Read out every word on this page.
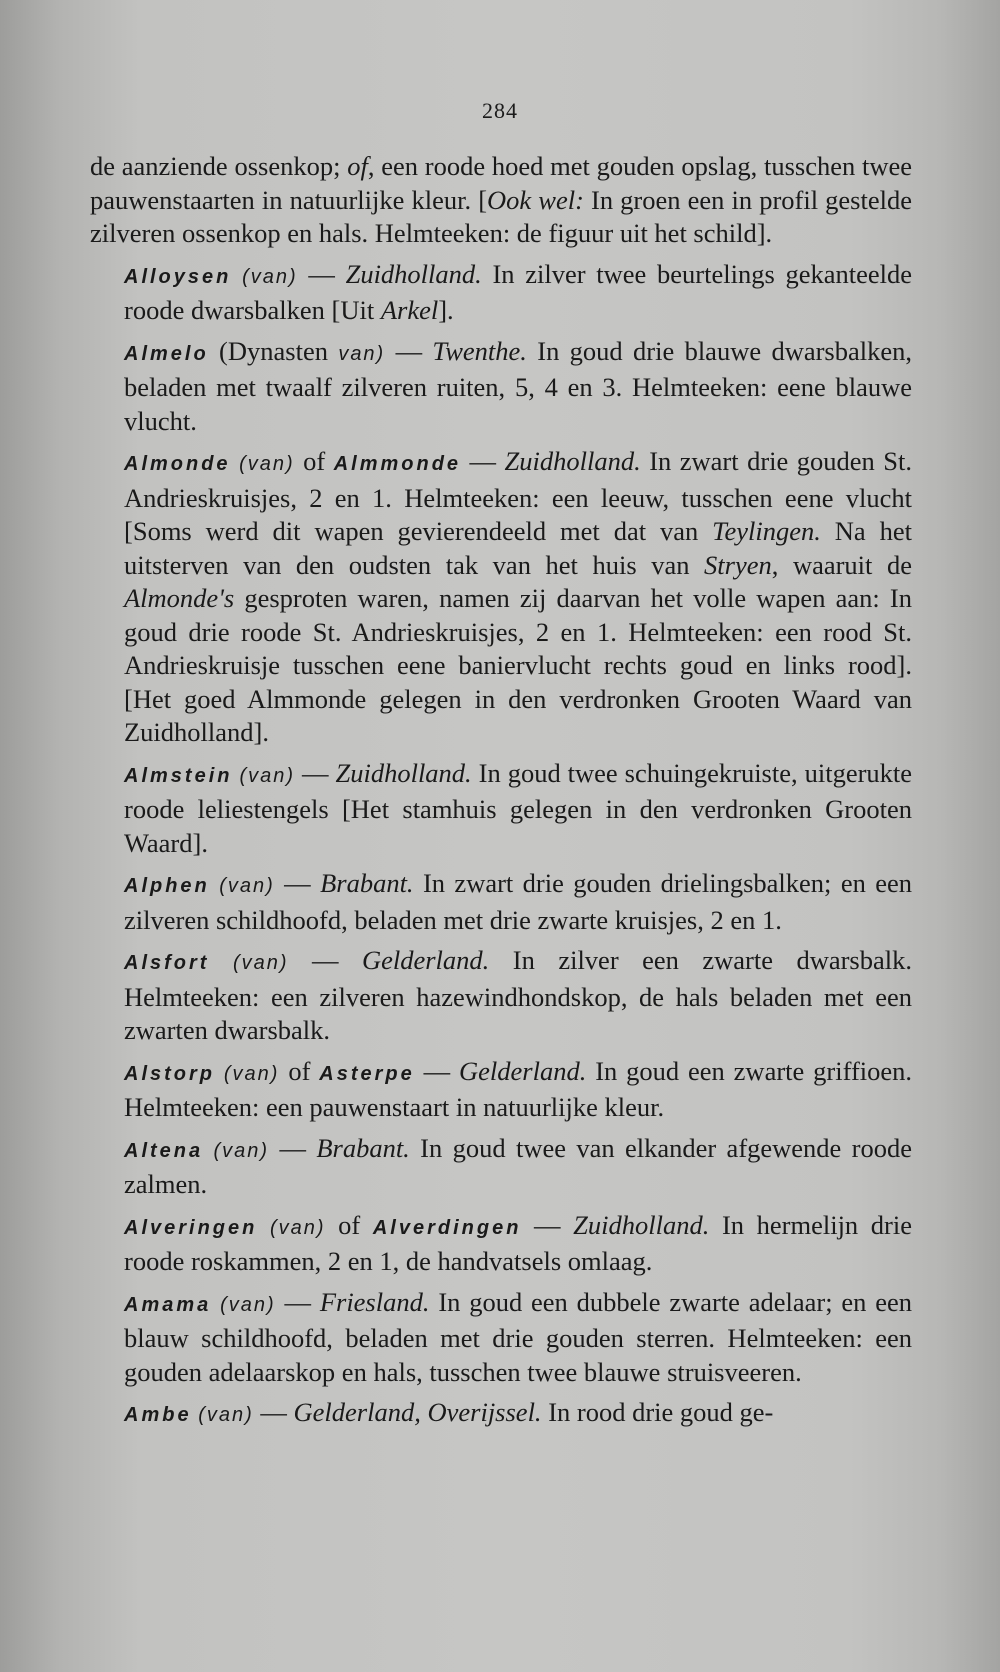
284

de aanziende ossenkop; of, een roode hoed met gouden opslag, tusschen twee pauwenstaarten in natuurlijke kleur. [Ook wel: In groen een in profil gestelde zilveren ossenkop en hals. Helmteeken: de figuur uit het schild].

Alloysen (van) — Zuidholland. In zilver twee beurtelings gekanteelde roode dwarsbalken [Uit Arkel].

Almelo (Dynasten van) — Twenthe. In goud drie blauwe dwarsbalken, beladen met twaalf zilveren ruiten, 5, 4 en 3. Helmteeken: eene blauwe vlucht.

Almonde (van) of Almmonde — Zuidholland. In zwart drie gouden St. Andrieskruisjes, 2 en 1. Helmteeken: een leeuw, tusschen eene vlucht [Soms werd dit wapen gevierendeeld met dat van Teylingen. Na het uitsterven van den oudsten tak van het huis van Stryen, waaruit de Almonde's gesproten waren, namen zij daarvan het volle wapen aan: In goud drie roode St. Andrieskruisjes, 2 en 1. Helmteeken: een rood St. Andrieskruisje tusschen eene baniervlucht rechts goud en links rood]. [Het goed Almmonde gelegen in den verdronken Grooten Waard van Zuidholland].

Almstein (van) — Zuidholland. In goud twee schuingekruiste, uitgerukte roode leliestengels [Het stamhuis gelegen in den verdronken Grooten Waard].

Alphen (van) — Brabant. In zwart drie gouden drielingsbalken; en een zilveren schildhoofd, beladen met drie zwarte kruisjes, 2 en 1.

Alsfort (van) — Gelderland. In zilver een zwarte dwarsbalk. Helmteeken: een zilveren hazewindhondskop, de hals beladen met een zwarten dwarsbalk.

Alstorp (van) of Asterpe — Gelderland. In goud een zwarte griffioen. Helmteeken: een pauwenstaart in natuurlijke kleur.

Altena (van) — Brabant. In goud twee van elkander afgewende roode zalmen.

Alveringen (van) of Alverdingen — Zuidholland. In hermelijn drie roode roskammen, 2 en 1, de handvatsels omlaag.

Amama (van) — Friesland. In goud een dubbele zwarte adelaar; en een blauw schildhoofd, beladen met drie gouden sterren. Helmteeken: een gouden adelaarskop en hals, tusschen twee blauwe struisveeren.

Ambe (van) — Gelderland, Overijssel. In rood drie goud ge-
